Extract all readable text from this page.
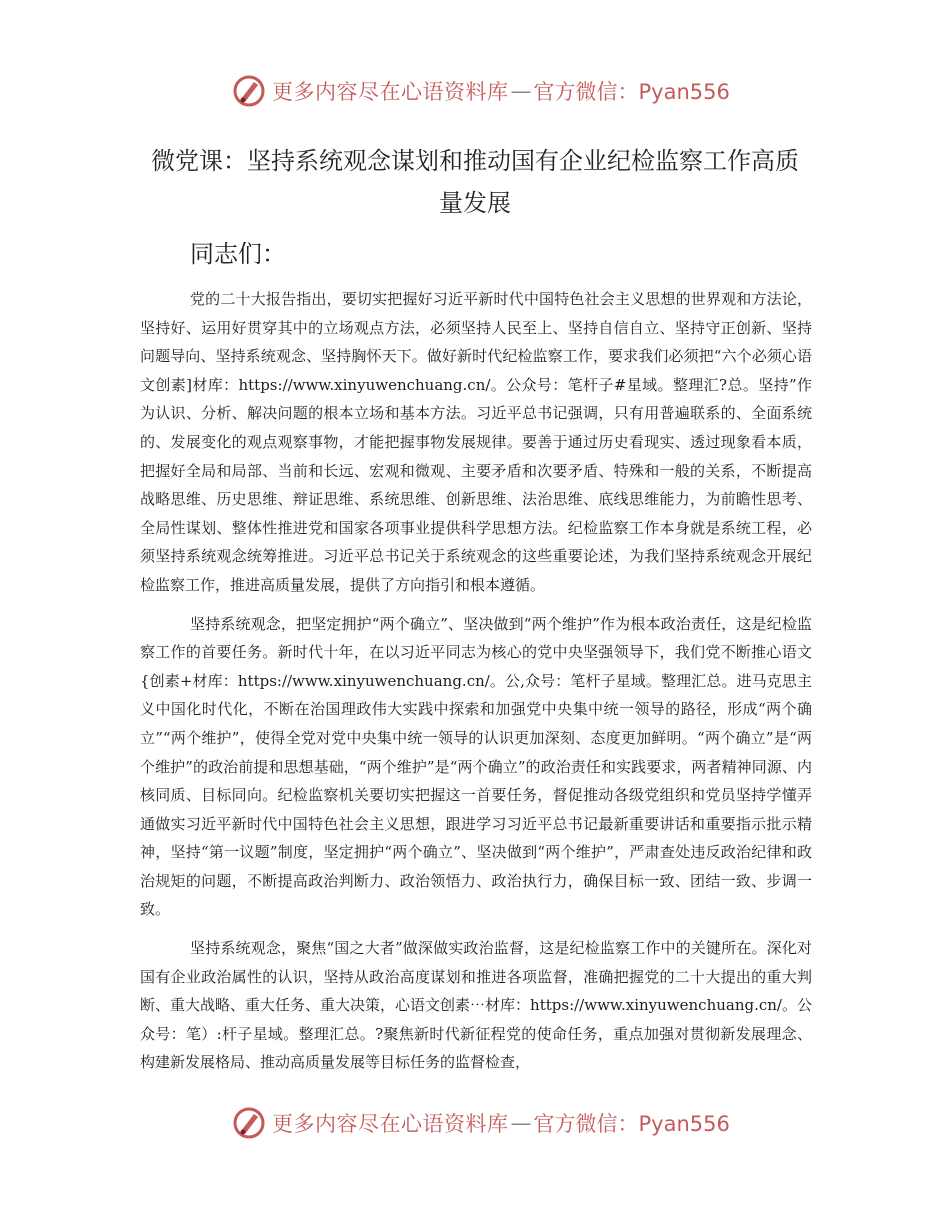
更多内容尽在心语资料库 — 官方微信：Pyan556
微党课：坚持系统观念谋划和推动国有企业纪检监察工作高质量发展

同志们：

党的二十大报告指出，要切实把握好习近平新时代中国特色社会主义思想的世界观和方法论，坚持好、运用好贯穿其中的立场观点方法，必须坚持人民至上、坚持自信自立、坚持守正创新、坚持问题导向、坚持系统观念、坚持胸怀天下。做好新时代纪检监察工作，要求我们必须把“六个必须心语文创素]材库：https://www.xinyuwenchuang.cn/。公众号：笔杆子#星域。整理汇?总。坚持”作为认识、分析、解决问题的根本立场和基本方法。习近平总书记强调，只有用普遍联系的、全面系统的、发展变化的观点观察事物，才能把握事物发展规律。要善于通过历史看现实、透过现象看本质，把握好全局和局部、当前和长远、宏观和微观、主要矛盾和次要矛盾、特殊和一般的关系，不断提高战略思维、历史思维、辩证思维、系统思维、创新思维、法治思维、底线思维能力，为前瞻性思考、全局性谋划、整体性推进党和国家各项事业提供科学思想方法。纪检监察工作本身就是系统工程，必须坚持系统观念统筹推进。习近平总书记关于系统观念的这些重要论述，为我们坚持系统观念开展纪检监察工作，推进高质量发展，提供了方向指引和根本遵循。

坚持系统观念，把坚定拥护“两个确立”、坚决做到“两个维护”作为根本政治责任，这是纪检监察工作的首要任务。新时代十年，在以习近平同志为核心的党中央坚强领导下，我们党不断推心语文{创素+材库：https://www.xinyuwenchuang.cn/。公,众号：笔杆子星域。整理汇总。进马克思主义中国化时代化，不断在治国理政伟大实践中探索和加强党中央集中统一领导的路径，形成“两个确立”“两个维护”，使得全党对党中央集中统一领导的认识更加深刻、态度更加鲜明。“两个确立”是“两个维护”的政治前提和思想基础，“两个维护”是“两个确立”的政治责任和实践要求，两者精神同源、内核同质、目标同向。纪检监察机关要切实把握这一首要任务，督促推动各级党组织和党员坚持学懂弄通做实习近平新时代中国特色社会主义思想，跟进学习习近平总书记最新重要讲话和重要指示批示精神，坚持“第一议题”制度，坚定拥护“两个确立”、坚决做到“两个维护”，严肃查处违反政治纪律和政治规矩的问题，不断提高政治判断力、政治领悟力、政治执行力，确保目标一致、团结一致、步调一致。

坚持系统观念，聚焦“国之大者”做深做实政治监督，这是纪检监察工作中的关键所在。深化对国有企业政治属性的认识，坚持从政治高度谋划和推进各项监督，准确把握党的二十大提出的重大判断、重大战略、重大任务、重大决策，心语文创素⋯材库：https://www.xinyuwenchuang.cn/。公众号：笔）:杆子星域。整理汇总。?聚焦新时代新征程党的使命任务，重点加强对贯彻新发展理念、构建新发展格局、推动高质量发展等目标任务的监督检查，

更多内容尽在心语资料库 — 官方微信：Pyan556
